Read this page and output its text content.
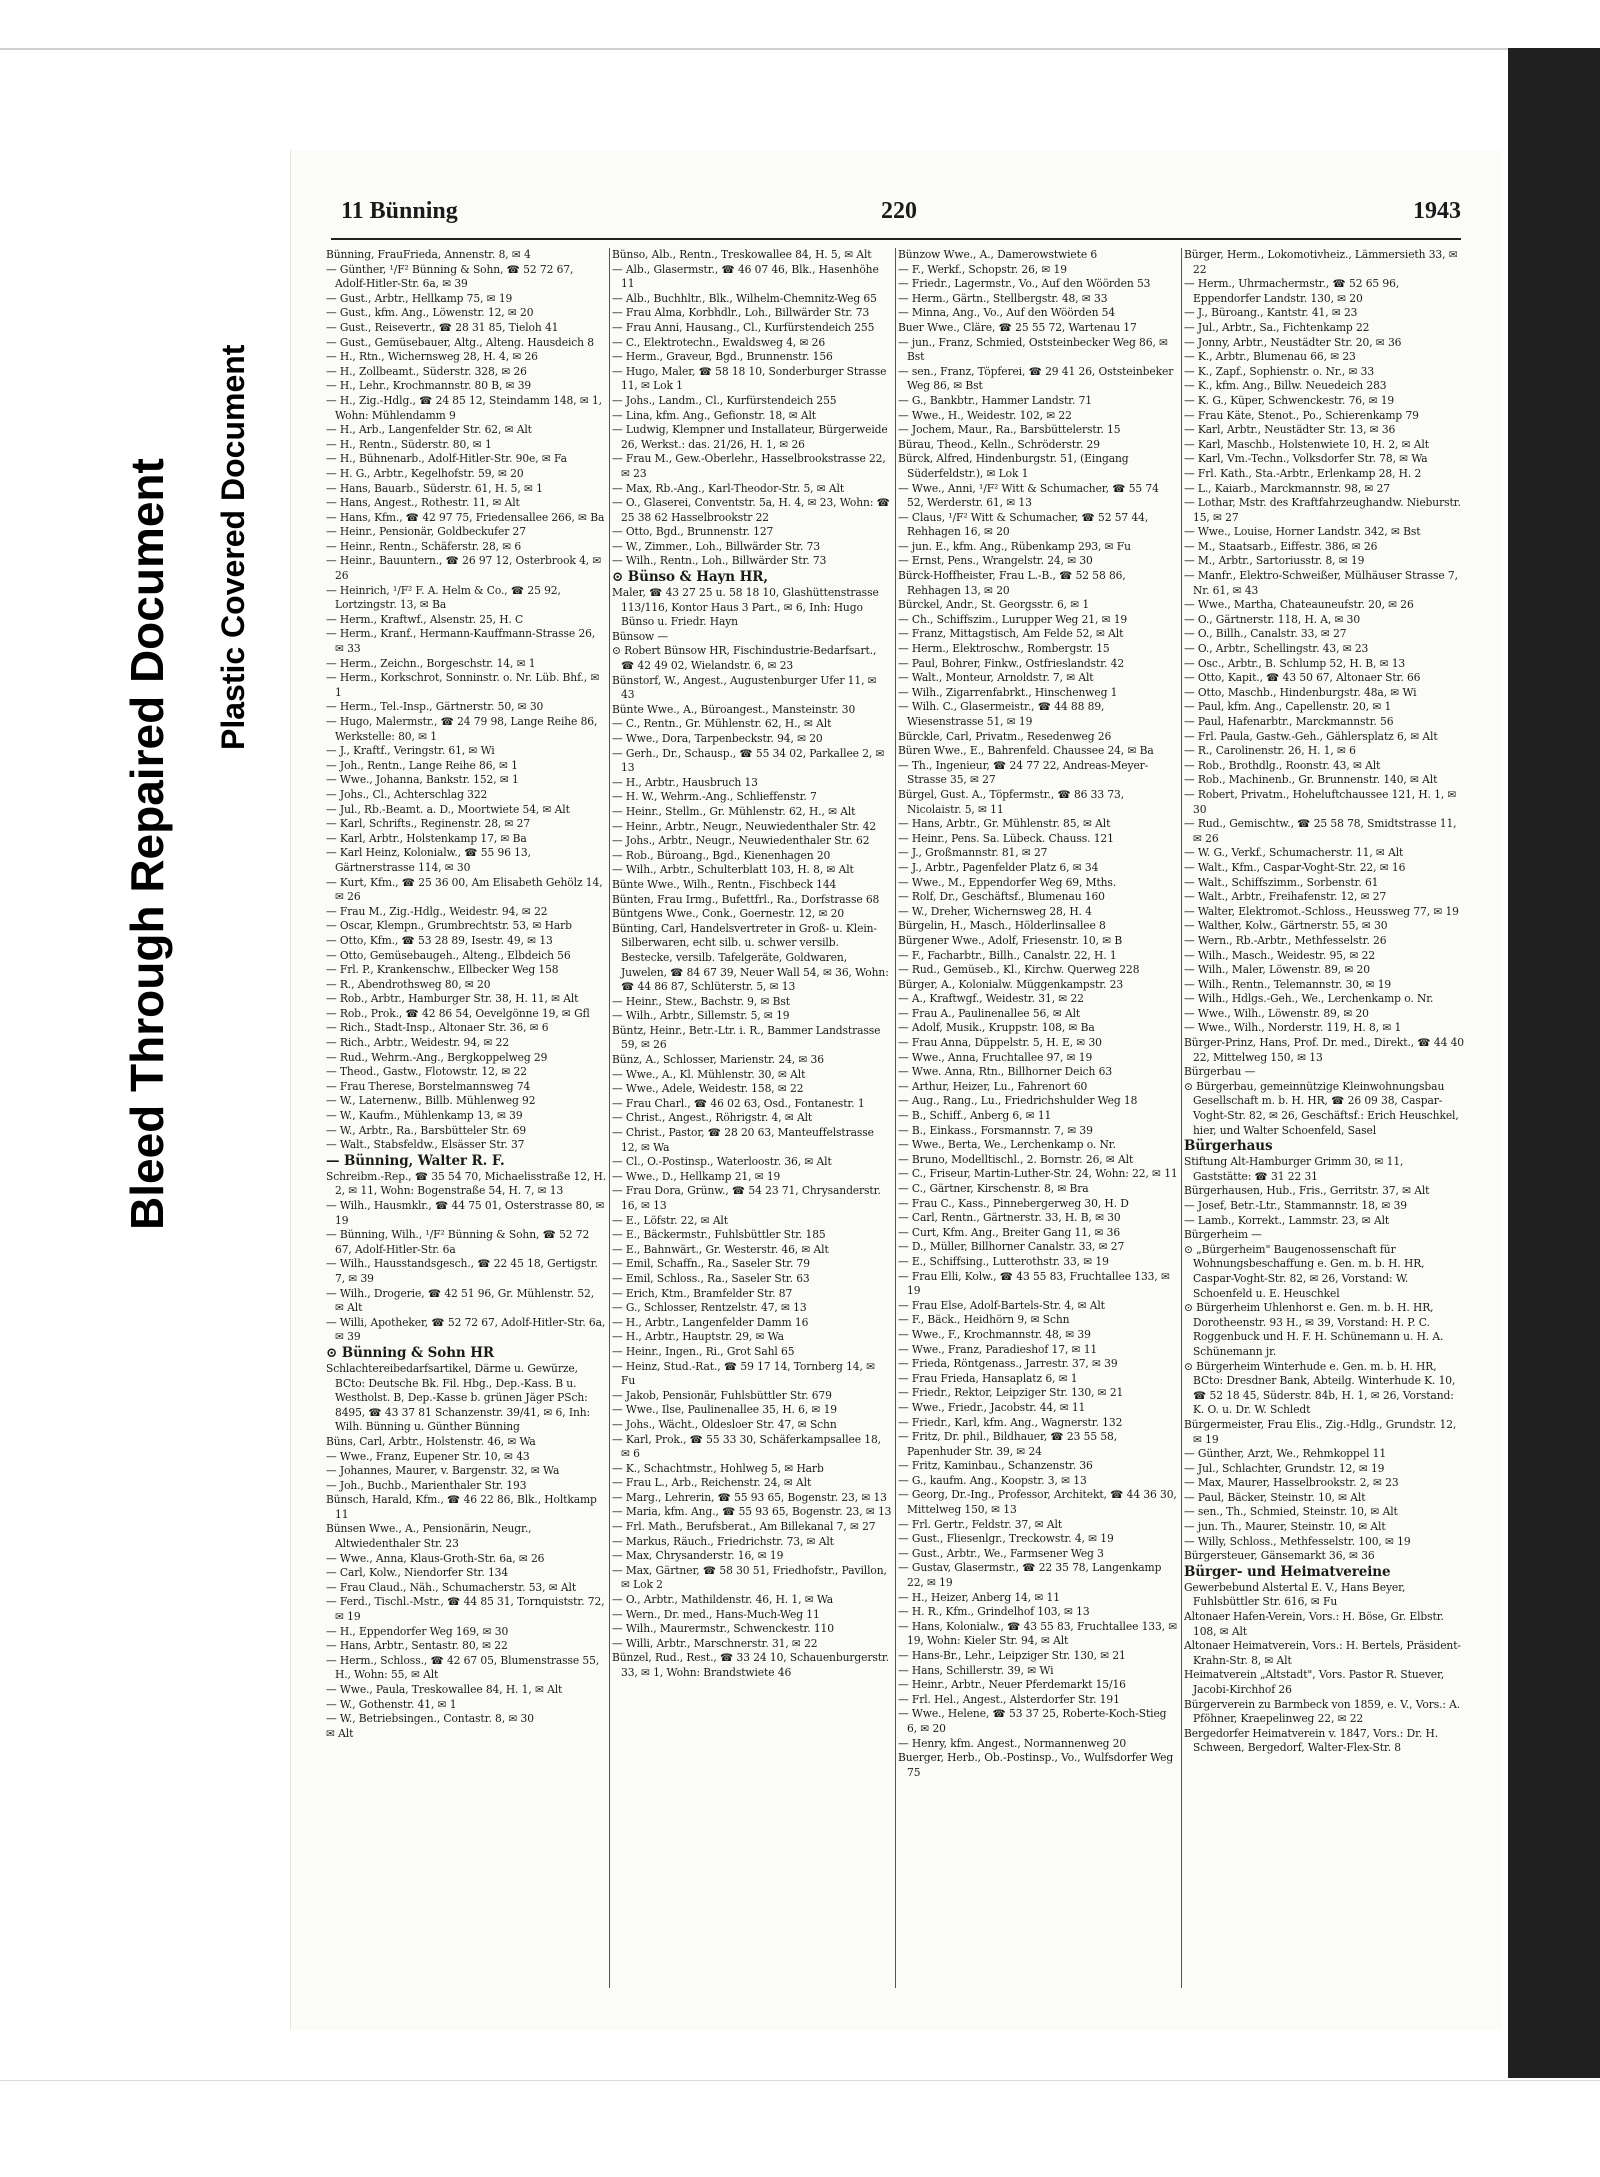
Bleed Through Repaired Document	Plastic Covered Document
11 Bünning	220	1943

Bünning, FrauFrieda, Annenstr. 8, ✉ 4

— Günther, ¹/F² Bünning & Sohn, ☎ 52 72 67, Adolf-Hitler-Str. 6a, ✉ 39

— Gust., Arbtr., Hellkamp 75, ✉ 19

— Gust., kfm. Ang., Löwenstr. 12, ✉ 20

— Gust., Reisevertr., ☎ 28 31 85, Tieloh 41

— Gust., Gemüsebauer, Altg., Alteng. Hausdeich 8

— H., Rtn., Wichernsweg 28, H. 4, ✉ 26

— H., Zollbeamt., Süderstr. 328, ✉ 26

— H., Lehr., Krochmannstr. 80 B, ✉ 39

— H., Zig.-Hdlg., ☎ 24 85 12, Steindamm 148, ✉ 1, Wohn: Mühlendamm 9

— H., Arb., Langenfelder Str. 62, ✉ Alt

— H., Rentn., Süderstr. 80, ✉ 1

— H., Bühnenarb., Adolf-Hitler-Str. 90e, ✉ Fa

— H. G., Arbtr., Kegelhofstr. 59, ✉ 20

— Hans, Bauarb., Süderstr. 61, H. 5, ✉ 1

— Hans, Angest., Rothestr. 11, ✉ Alt

— Hans, Kfm., ☎ 42 97 75, Friedensallee 266, ✉ Ba

— Heinr., Pensionär, Goldbeckufer 27

— Heinr., Rentn., Schäferstr. 28, ✉ 6

— Heinr., Bauuntern., ☎ 26 97 12, Osterbrook 4, ✉ 26

— Heinrich, ¹/F² F. A. Helm & Co., ☎ 25 92, Lortzingstr. 13, ✉ Ba

— Herm., Kraftwf., Alsenstr. 25, H. C

— Herm., Kranf., Hermann-Kauffmann-Strasse 26, ✉ 33

— Herm., Zeichn., Borgeschstr. 14, ✉ 1

— Herm., Korkschrot, Sonninstr. o. Nr. Lüb. Bhf., ✉ 1

— Herm., Tel.-Insp., Gärtnerstr. 50, ✉ 30

— Hugo, Malermstr., ☎ 24 79 98, Lange Reihe 86, Werkstelle: 80, ✉ 1

— J., Kraftf., Veringstr. 61, ✉ Wi

— Joh., Rentn., Lange Reihe 86, ✉ 1

— Wwe., Johanna, Bankstr. 152, ✉ 1

— Johs., Cl., Achterschlag 322

— Jul., Rb.-Beamt. a. D., Moortwiete 54, ✉ Alt

— Karl, Schrifts., Reginenstr. 28, ✉ 27

— Karl, Arbtr., Holstenkamp 17, ✉ Ba

— Karl Heinz, Kolonialw., ☎ 55 96 13, Gärtnerstrasse 114, ✉ 30

— Kurt, Kfm., ☎ 25 36 00, Am Elisabeth Gehölz 14, ✉ 26

— Frau M., Zig.-Hdlg., Weidestr. 94, ✉ 22

— Oscar, Klempn., Grumbrechtstr. 53, ✉ Harb

— Otto, Kfm., ☎ 53 28 89, Isestr. 49, ✉ 13

— Otto, Gemüsebaugeh., Alteng., Elbdeich 56

— Frl. P., Krankenschw., Ellbecker Weg 158

— R., Abendrothsweg 80, ✉ 20

— Rob., Arbtr., Hamburger Str. 38, H. 11, ✉ Alt

— Rob., Prok., ☎ 42 86 54, Oevelgönne 19, ✉ Gfl

— Rich., Stadt-Insp., Altonaer Str. 36, ✉ 6

— Rich., Arbtr., Weidestr. 94, ✉ 22

— Rud., Wehrm.-Ang., Bergkoppelweg 29

— Theod., Gastw., Flotowstr. 12, ✉ 22

— Frau Therese, Borstelmannsweg 74

— W., Laternenw., Billb. Mühlenweg 92

— W., Kaufm., Mühlenkamp 13, ✉ 39

— W., Arbtr., Ra., Barsbütteler Str. 69

— Walt., Stabsfeldw., Elsässer Str. 37

— Bünning, Walter R. F.

Schreibm.-Rep., ☎ 35 54 70, Michaelisstraße 12, H. 2, ✉ 11, Wohn: Bogenstraße 54, H. 7, ✉ 13

— Wilh., Hausmklr., ☎ 44 75 01, Osterstrasse 80, ✉ 19

— Bünning, Wilh., ¹/F² Bünning & Sohn, ☎ 52 72 67, Adolf-Hitler-Str. 6a

— Wilh., Hausstandsgesch., ☎ 22 45 18, Gertigstr. 7, ✉ 39

— Wilh., Drogerie, ☎ 42 51 96, Gr. Mühlenstr. 52, ✉ Alt

— Willi, Apotheker, ☎ 52 72 67, Adolf-Hitler-Str. 6a, ✉ 39

⊙ Bünning & Sohn HR

Schlachtereibedarfsartikel, Därme u. Gewürze, BCto: Deutsche Bk. Fil. Hbg., Dep.-Kass. B u. Westholst. B, Dep.-Kasse b. grünen Jäger PSch: 8495, ☎ 43 37 81 Schanzenstr. 39/41, ✉ 6, Inh: Wilh. Bünning u. Günther Bünning

Büns, Carl, Arbtr., Holstenstr. 46, ✉ Wa

— Wwe., Franz, Eupener Str. 10, ✉ 43

— Johannes, Maurer, v. Bargenstr. 32, ✉ Wa

— Joh., Buchb., Marienthaler Str. 193

Bünsch, Harald, Kfm., ☎ 46 22 86, Blk., Holtkamp 11

Bünsen Wwe., A., Pensionärin, Neugr., Altwiedenthaler Str. 23

— Wwe., Anna, Klaus-Groth-Str. 6a, ✉ 26

— Carl, Kolw., Niendorfer Str. 134

— Frau Claud., Näh., Schumacherstr. 53, ✉ Alt

— Ferd., Tischl.-Mstr., ☎ 44 85 31, Tornquiststr. 72, ✉ 19

— H., Eppendorfer Weg 169, ✉ 30

— Hans, Arbtr., Sentastr. 80, ✉ 22

— Herm., Schloss., ☎ 42 67 05, Blumenstrasse 55, H., Wohn: 55, ✉ Alt

— Wwe., Paula, Treskowallee 84, H. 1, ✉ Alt

— W., Gothenstr. 41, ✉ 1

— W., Betriebsingen., Contastr. 8, ✉ 30

✉ Alt

Bünso, Alb., Rentn., Treskowallee 84, H. 5, ✉ Alt

— Alb., Glasermstr., ☎ 46 07 46, Blk., Hasenhöhe 11

— Alb., Buchhltr., Blk., Wilhelm-Chemnitz-Weg 65

— Frau Alma, Korbhdlr., Loh., Billwärder Str. 73

— Frau Anni, Hausang., Cl., Kurfürstendeich 255

— C., Elektrotechn., Ewaldsweg 4, ✉ 26

— Herm., Graveur, Bgd., Brunnenstr. 156

— Hugo, Maler, ☎ 58 18 10, Sonderburger Strasse 11, ✉ Lok 1

— Johs., Landm., Cl., Kurfürstendeich 255

— Lina, kfm. Ang., Gefionstr. 18, ✉ Alt

— Ludwig, Klempner und Installateur, Bürgerweide 26, Werkst.: das. 21/26, H. 1, ✉ 26

— Frau M., Gew.-Oberlehr., Hasselbrookstrasse 22, ✉ 23

— Max, Rb.-Ang., Karl-Theodor-Str. 5, ✉ Alt

— O., Glaserei, Conventstr. 5a, H. 4, ✉ 23, Wohn: ☎ 25 38 62 Hasselbrookstr 22

— Otto, Bgd., Brunnenstr. 127

— W., Zimmer., Loh., Billwärder Str. 73

— Wilh., Rentn., Loh., Billwärder Str. 73

⊙ Bünso & Hayn HR,

Maler, ☎ 43 27 25 u. 58 18 10, Glashüttenstrasse 113/116, Kontor Haus 3 Part., ✉ 6, Inh: Hugo Bünso u. Friedr. Hayn

Bünsow —

⊙ Robert Bünsow HR, Fischindustrie-Bedarfsart., ☎ 42 49 02, Wielandstr. 6, ✉ 23

Bünstorf, W., Angest., Augustenburger Ufer 11, ✉ 43

Bünte Wwe., A., Büroangest., Mansteinstr. 30

— C., Rentn., Gr. Mühlenstr. 62, H., ✉ Alt

— Wwe., Dora, Tarpenbeckstr. 94, ✉ 20

— Gerh., Dr., Schausp., ☎ 55 34 02, Parkallee 2, ✉ 13

— H., Arbtr., Hausbruch 13

— H. W., Wehrm.-Ang., Schlieffenstr. 7

— Heinr., Stellm., Gr. Mühlenstr. 62, H., ✉ Alt

— Heinr., Arbtr., Neugr., Neuwiedenthaler Str. 42

— Johs., Arbtr., Neugr., Neuwiedenthaler Str. 62

— Rob., Büroang., Bgd., Kienenhagen 20

— Wilh., Arbtr., Schulterblatt 103, H. 8, ✉ Alt

Bünte Wwe., Wilh., Rentn., Fischbeck 144

Bünten, Frau Irmg., Bufettfrl., Ra., Dorfstrasse 68

Büntgens Wwe., Conk., Goernestr. 12, ✉ 20

Bünting, Carl, Handelsvertreter in Groß- u. Klein-Silberwaren, echt silb. u. schwer versilb. Bestecke, versilb. Tafelgeräte, Goldwaren, Juwelen, ☎ 84 67 39, Neuer Wall 54, ✉ 36, Wohn: ☎ 44 86 87, Schlüterstr. 5, ✉ 13

— Heinr., Stew., Bachstr. 9, ✉ Bst

— Wilh., Arbtr., Sillemstr. 5, ✉ 19

Büntz, Heinr., Betr.-Ltr. i. R., Bammer Landstrasse 59, ✉ 26

Bünz, A., Schlosser, Marienstr. 24, ✉ 36

— Wwe., A., Kl. Mühlenstr. 30, ✉ Alt

— Wwe., Adele, Weidestr. 158, ✉ 22

— Frau Charl., ☎ 46 02 63, Osd., Fontanestr. 1

— Christ., Angest., Röhrigstr. 4, ✉ Alt

— Christ., Pastor, ☎ 28 20 63, Manteuffelstrasse 12, ✉ Wa

— Cl., O.-Postinsp., Waterloostr. 36, ✉ Alt

— Wwe., D., Hellkamp 21, ✉ 19

— Frau Dora, Grünw., ☎ 54 23 71, Chrysanderstr. 16, ✉ 13

— E., Löfstr. 22, ✉ Alt

— E., Bäckermstr., Fuhlsbüttler Str. 185

— E., Bahnwärt., Gr. Westerstr. 46, ✉ Alt

— Emil, Schaffn., Ra., Saseler Str. 79

— Emil, Schloss., Ra., Saseler Str. 63

— Erich, Ktm., Bramfelder Str. 87

— G., Schlosser, Rentzelstr. 47, ✉ 13

— H., Arbtr., Langenfelder Damm 16

— H., Arbtr., Hauptstr. 29, ✉ Wa

— Heinr., Ingen., Ri., Grot Sahl 65

— Heinz, Stud.-Rat., ☎ 59 17 14, Tornberg 14, ✉ Fu

— Jakob, Pensionär, Fuhlsbüttler Str. 679

— Wwe., Ilse, Paulinenallee 35, H. 6, ✉ 19

— Johs., Wächt., Oldesloer Str. 47, ✉ Schn

— Karl, Prok., ☎ 55 33 30, Schäferkampsallee 18, ✉ 6

— K., Schachtmstr., Hohlweg 5, ✉ Harb

— Frau L., Arb., Reichenstr. 24, ✉ Alt

— Marg., Lehrerin, ☎ 55 93 65, Bogenstr. 23, ✉ 13

— Maria, kfm. Ang., ☎ 55 93 65, Bogenstr. 23, ✉ 13

— Frl. Math., Berufsberat., Am Billekanal 7, ✉ 27

— Markus, Räuch., Friedrichstr. 73, ✉ Alt

— Max, Chrysanderstr. 16, ✉ 19

— Max, Gärtner, ☎ 58 30 51, Friedhofstr., Pavillon, ✉ Lok 2

— O., Arbtr., Mathildenstr. 46, H. 1, ✉ Wa

— Wern., Dr. med., Hans-Much-Weg 11

— Wilh., Maurermstr., Schwenckestr. 110

— Willi, Arbtr., Marschnerstr. 31, ✉ 22

Bünzel, Rud., Rest., ☎ 33 24 10, Schauenburgerstr. 33, ✉ 1, Wohn: Brandstwiete 46

Bünzow Wwe., A., Damerowstwiete 6

— F., Werkf., Schopstr. 26, ✉ 19

— Friedr., Lagermstr., Vo., Auf den Wöörden 53

— Herm., Gärtn., Stellbergstr. 48, ✉ 33

— Minna, Ang., Vo., Auf den Wöörden 54

Buer Wwe., Cläre, ☎ 25 55 72, Wartenau 17

— jun., Franz, Schmied, Oststeinbecker Weg 86, ✉ Bst

— sen., Franz, Töpferei, ☎ 29 41 26, Oststeinbeker Weg 86, ✉ Bst

— G., Bankbtr., Hammer Landstr. 71

— Wwe., H., Weidestr. 102, ✉ 22

— Jochem, Maur., Ra., Barsbüttelerstr. 15

Bürau, Theod., Kelln., Schröderstr. 29

Bürck, Alfred, Hindenburgstr. 51, (Eingang Süderfeldstr.), ✉ Lok 1

— Wwe., Anni, ¹/F² Witt & Schumacher, ☎ 55 74 52, Werderstr. 61, ✉ 13

— Claus, ¹/F² Witt & Schumacher, ☎ 52 57 44, Rehhagen 16, ✉ 20

— jun. E., kfm. Ang., Rübenkamp 293, ✉ Fu

— Ernst, Pens., Wrangelstr. 24, ✉ 30

Bürck-Hoffheister, Frau L.-B., ☎ 52 58 86, Rehhagen 13, ✉ 20

Bürckel, Andr., St. Georgsstr. 6, ✉ 1

— Ch., Schiffszim., Lurupper Weg 21, ✉ 19

— Franz, Mittagstisch, Am Felde 52, ✉ Alt

— Herm., Elektroschw., Rombergstr. 15

— Paul, Bohrer, Finkw., Ostfrieslandstr. 42

— Walt., Monteur, Arnoldstr. 7, ✉ Alt

— Wilh., Zigarrenfabrkt., Hinschenweg 1

— Wilh. C., Glasermeistr., ☎ 44 88 89, Wiesenstrasse 51, ✉ 19

Bürckle, Carl, Privatm., Resedenweg 26

Büren Wwe., E., Bahrenfeld. Chaussee 24, ✉ Ba

— Th., Ingenieur, ☎ 24 77 22, Andreas-Meyer-Strasse 35, ✉ 27

Bürgel, Gust. A., Töpfermstr., ☎ 86 33 73, Nicolaistr. 5, ✉ 11

— Hans, Arbtr., Gr. Mühlenstr. 85, ✉ Alt

— Heinr., Pens. Sa. Lübeck. Chauss. 121

— J., Großmannstr. 81, ✉ 27

— J., Arbtr., Pagenfelder Platz 6, ✉ 34

— Wwe., M., Eppendorfer Weg 69, Mths.

— Rolf, Dr., Geschäftsf., Blumenau 160

— W., Dreher, Wichernsweg 28, H. 4

Bürgelin, H., Masch., Hölderlinsallee 8

Bürgener Wwe., Adolf, Friesenstr. 10, ✉ B

— F., Facharbtr., Billh., Canalstr. 22, H. 1

— Rud., Gemüseb., Kl., Kirchw. Querweg 228

Bürger, A., Kolonialw. Müggenkampstr. 23

— A., Kraftwgf., Weidestr. 31, ✉ 22

— Frau A., Paulinenallee 56, ✉ Alt

— Adolf, Musik., Kruppstr. 108, ✉ Ba

— Frau Anna, Düppelstr. 5, H. E, ✉ 30

— Wwe., Anna, Fruchtallee 97, ✉ 19

— Wwe. Anna, Rtn., Billhorner Deich 63

— Arthur, Heizer, Lu., Fahrenort 60

— Aug., Rang., Lu., Friedrichshulder Weg 18

— B., Schiff., Anberg 6, ✉ 11

— B., Einkass., Forsmannstr. 7, ✉ 39

— Wwe., Berta, We., Lerchenkamp o. Nr.

— Bruno, Modelltischl., 2. Bornstr. 26, ✉ Alt

— C., Friseur, Martin-Luther-Str. 24, Wohn: 22, ✉ 11

— C., Gärtner, Kirschenstr. 8, ✉ Bra

— Frau C., Kass., Pinnebergerweg 30, H. D

— Carl, Rentn., Gärtnerstr. 33, H. B, ✉ 30

— Curt, Kfm. Ang., Breiter Gang 11, ✉ 36

— D., Müller, Billhorner Canalstr. 33, ✉ 27

— E., Schiffsing., Lutterothstr. 33, ✉ 19

— Frau Elli, Kolw., ☎ 43 55 83, Fruchtallee 133, ✉ 19

— Frau Else, Adolf-Bartels-Str. 4, ✉ Alt

— F., Bäck., Heidhörn 9, ✉ Schn

— Wwe., F., Krochmannstr. 48, ✉ 39

— Wwe., Franz, Paradieshof 17, ✉ 11

— Frieda, Röntgenass., Jarrestr. 37, ✉ 39

— Frau Frieda, Hansaplatz 6, ✉ 1

— Friedr., Rektor, Leipziger Str. 130, ✉ 21

— Wwe., Friedr., Jacobstr. 44, ✉ 11

— Friedr., Karl, kfm. Ang., Wagnerstr. 132

— Fritz, Dr. phil., Bildhauer, ☎ 23 55 58, Papenhuder Str. 39, ✉ 24

— Fritz, Kaminbau., Schanzenstr. 36

— G., kaufm. Ang., Koopstr. 3, ✉ 13

— Georg, Dr.-Ing., Professor, Architekt, ☎ 44 36 30, Mittelweg 150, ✉ 13

— Frl. Gertr., Feldstr. 37, ✉ Alt

— Gust., Fliesenlgr., Treckowstr. 4, ✉ 19

— Gust., Arbtr., We., Farmsener Weg 3

— Gustav, Glasermstr., ☎ 22 35 78, Langenkamp 22, ✉ 19

— H., Heizer, Anberg 14, ✉ 11

— H. R., Kfm., Grindelhof 103, ✉ 13

— Hans, Kolonialw., ☎ 43 55 83, Fruchtallee 133, ✉ 19, Wohn: Kieler Str. 94, ✉ Alt

— Hans-Br., Lehr., Leipziger Str. 130, ✉ 21

— Hans, Schillerstr. 39, ✉ Wi

— Heinr., Arbtr., Neuer Pferdemarkt 15/16

— Frl. Hel., Angest., Alsterdorfer Str. 191

— Wwe., Helene, ☎ 53 37 25, Roberte-Koch-Stieg 6, ✉ 20

— Henry, kfm. Angest., Normannenweg 20

Buerger, Herb., Ob.-Postinsp., Vo., Wulfsdorfer Weg 75

Bürger, Herm., Lokomotivheiz., Lämmersieth 33, ✉ 22

— Herm., Uhrmachermstr., ☎ 52 65 96, Eppendorfer Landstr. 130, ✉ 20

— J., Büroang., Kantstr. 41, ✉ 23

— Jul., Arbtr., Sa., Fichtenkamp 22

— Jonny, Arbtr., Neustädter Str. 20, ✉ 36

— K., Arbtr., Blumenau 66, ✉ 23

— K., Zapf., Sophienstr. o. Nr., ✉ 33

— K., kfm. Ang., Billw. Neuedeich 283

— K. G., Küper, Schwenckestr. 76, ✉ 19

— Frau Käte, Stenot., Po., Schierenkamp 79

— Karl, Arbtr., Neustädter Str. 13, ✉ 36

— Karl, Maschb., Holstenwiete 10, H. 2, ✉ Alt

— Karl, Vm.-Techn., Volksdorfer Str. 78, ✉ Wa

— Frl. Kath., Sta.-Arbtr., Erlenkamp 28, H. 2

— L., Kaiarb., Marckmannstr. 98, ✉ 27

— Lothar, Mstr. des Kraftfahrzeughandw. Nieburstr. 15, ✉ 27

— Wwe., Louise, Horner Landstr. 342, ✉ Bst

— M., Staatsarb., Eiffestr. 386, ✉ 26

— M., Arbtr., Sartoriusstr. 8, ✉ 19

— Manfr., Elektro-Schweißer, Mülhäuser Strasse 7, Nr. 61, ✉ 43

— Wwe., Martha, Chateauneufstr. 20, ✉ 26

— O., Gärtnerstr. 118, H. A, ✉ 30

— O., Billh., Canalstr. 33, ✉ 27

— O., Arbtr., Schellingstr. 43, ✉ 23

— Osc., Arbtr., B. Schlump 52, H. B, ✉ 13

— Otto, Kapit., ☎ 43 50 67, Altonaer Str. 66

— Otto, Maschb., Hindenburgstr. 48a, ✉ Wi

— Paul, kfm. Ang., Capellenstr. 20, ✉ 1

— Paul, Hafenarbtr., Marckmannstr. 56

— Frl. Paula, Gastw.-Geh., Gählersplatz 6, ✉ Alt

— R., Carolinenstr. 26, H. 1, ✉ 6

— Rob., Brothdlg., Roonstr. 43, ✉ Alt

— Rob., Machinenb., Gr. Brunnenstr. 140, ✉ Alt

— Robert, Privatm., Hoheluftchaussee 121, H. 1, ✉ 30

— Rud., Gemischtw., ☎ 25 58 78, Smidtstrasse 11, ✉ 26

— W. G., Verkf., Schumacherstr. 11, ✉ Alt

— Walt., Kfm., Caspar-Voght-Str. 22, ✉ 16

— Walt., Schiffszimm., Sorbenstr. 61

— Walt., Arbtr., Freihafenstr. 12, ✉ 27

— Walter, Elektromot.-Schloss., Heussweg 77, ✉ 19

— Walther, Kolw., Gärtnerstr. 55, ✉ 30

— Wern., Rb.-Arbtr., Methfesselstr. 26

— Wilh., Masch., Weidestr. 95, ✉ 22

— Wilh., Maler, Löwenstr. 89, ✉ 20

— Wilh., Rentn., Telemannstr. 30, ✉ 19

— Wilh., Hdlgs.-Geh., We., Lerchenkamp o. Nr.

— Wwe., Wilh., Löwenstr. 89, ✉ 20

— Wwe., Wilh., Norderstr. 119, H. 8, ✉ 1

Bürger-Prinz, Hans, Prof. Dr. med., Direkt., ☎ 44 40 22, Mittelweg 150, ✉ 13

Bürgerbau —

⊙ Bürgerbau, gemeinnützige Kleinwohnungsbau Gesellschaft m. b. H. HR, ☎ 26 09 38, Caspar-Voght-Str. 82, ✉ 26, Geschäftsf.: Erich Heuschkel, hier, und Walter Schoenfeld, Sasel

Bürgerhaus

Stiftung Alt-Hamburger Grimm 30, ✉ 11, Gaststätte: ☎ 31 22 31

Bürgerhausen, Hub., Fris., Gerritstr. 37, ✉ Alt

— Josef, Betr.-Ltr., Stammannstr. 18, ✉ 39

— Lamb., Korrekt., Lammstr. 23, ✉ Alt

Bürgerheim —

⊙ „Bürgerheim" Baugenossenschaft für Wohnungsbeschaffung e. Gen. m. b. H. HR, Caspar-Voght-Str. 82, ✉ 26, Vorstand: W. Schoenfeld u. E. Heuschkel

⊙ Bürgerheim Uhlenhorst e. Gen. m. b. H. HR, Dorotheenstr. 93 H., ✉ 39, Vorstand: H. P. C. Roggenbuck und H. F. H. Schünemann u. H. A. Schünemann jr.

⊙ Bürgerheim Winterhude e. Gen. m. b. H. HR, BCto: Dresdner Bank, Abteilg. Winterhude K. 10, ☎ 52 18 45, Süderstr. 84b, H. 1, ✉ 26, Vorstand: K. O. u. Dr. W. Schledt

Bürgermeister, Frau Elis., Zig.-Hdlg., Grundstr. 12, ✉ 19

— Günther, Arzt, We., Rehmkoppel 11

— Jul., Schlachter, Grundstr. 12, ✉ 19

— Max, Maurer, Hasselbrookstr. 2, ✉ 23

— Paul, Bäcker, Steinstr. 10, ✉ Alt

— sen., Th., Schmied, Steinstr. 10, ✉ Alt

— jun. Th., Maurer, Steinstr. 10, ✉ Alt

— Willy, Schloss., Methfesselstr. 100, ✉ 19

Bürgersteuer, Gänsemarkt 36, ✉ 36

Bürger- und Heimatvereine

Gewerbebund Alstertal E. V., Hans Beyer, Fuhlsbüttler Str. 616, ✉ Fu

Altonaer Hafen-Verein, Vors.: H. Böse, Gr. Elbstr. 108, ✉ Alt

Altonaer Heimatverein, Vors.: H. Bertels, Präsident-Krahn-Str. 8, ✉ Alt

Heimatverein „Altstadt", Vors. Pastor R. Stuever, Jacobi-Kirchhof 26

Bürgerverein zu Barmbeck von 1859, e. V., Vors.: A. Pföhner, Kraepelinweg 22, ✉ 22

Bergedorfer Heimatverein v. 1847, Vors.: Dr. H. Schween, Bergedorf, Walter-Flex-Str. 8
